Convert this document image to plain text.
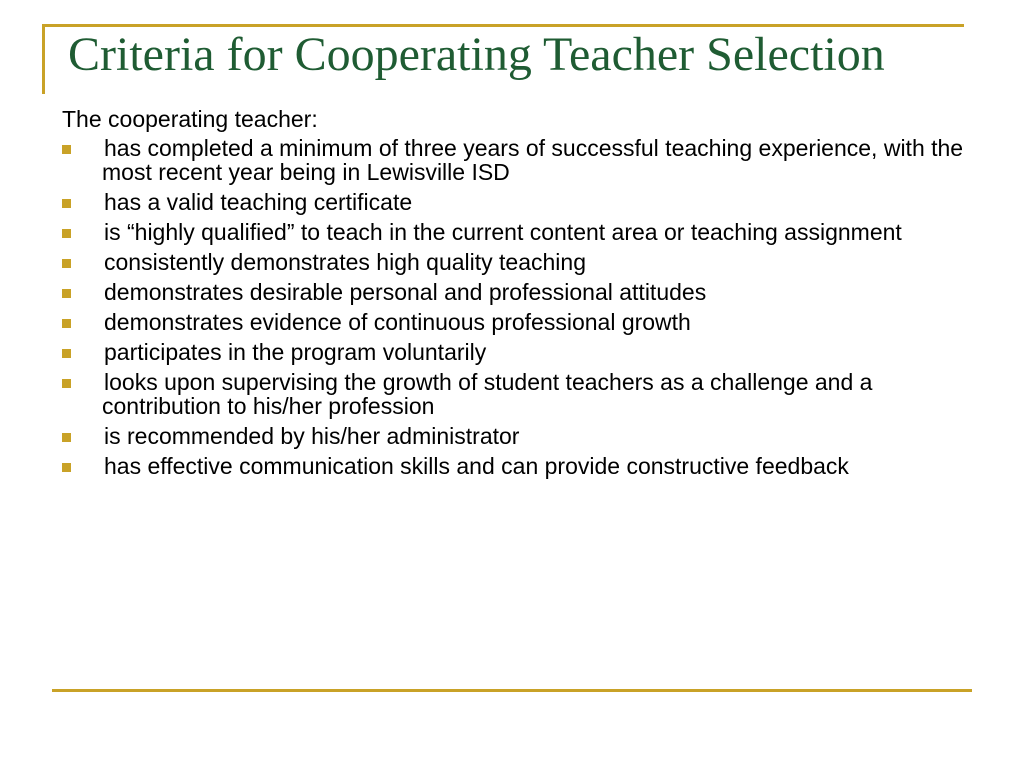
Criteria for Cooperating Teacher Selection

The cooperating teacher:

has completed a minimum of three years of successful teaching experience, with the most recent year being in Lewisville ISD
has a valid teaching certificate
is “highly qualified” to teach in the current content area or teaching assignment
consistently demonstrates high quality teaching
demonstrates desirable personal and professional attitudes
demonstrates evidence of continuous professional growth
participates in the program voluntarily
looks upon supervising the growth of student teachers as a challenge and a contribution to his/her profession
is recommended by his/her administrator
has effective communication skills and can provide constructive feedback
